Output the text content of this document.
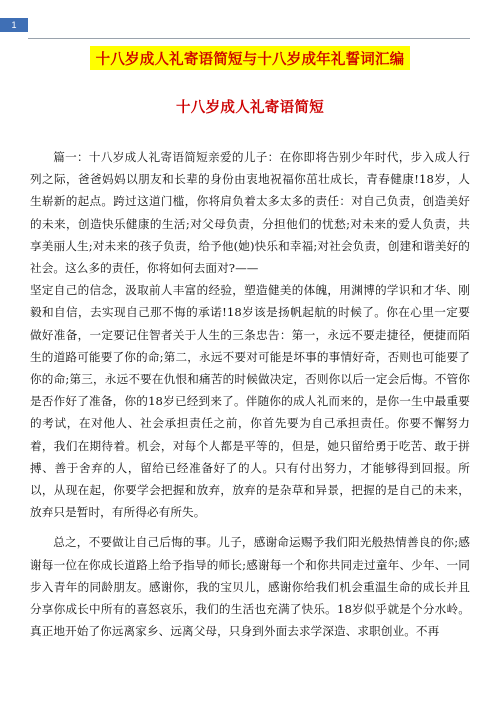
1
十八岁成人礼寄语简短与十八岁成年礼誓词汇编
十八岁成人礼寄语简短

篇一：十八岁成人礼寄语简短亲爱的儿子：在你即将告别少年时代，步入成人行列之际，爸爸妈妈以朋友和长辈的身份由衷地祝福你茁壮成长，青春健康!18岁，人生崭新的起点。跨过这道门槛，你将肩负着太多太多的责任：对自己负责，创造美好的未来，创造快乐健康的生活;对父母负责，分担他们的忧愁;对未来的爱人负责，共享美丽人生;对未来的孩子负责，给予他(她)快乐和幸福;对社会负责，创建和谐美好的社会。这么多的责任，你将如何去面对?——

坚定自己的信念，汲取前人丰富的经验，塑造健美的体魄，用渊博的学识和才华、刚毅和自信，去实现自己那不悔的承诺!18岁该是扬帆起航的时候了。你在心里一定要做好准备，一定要记住智者关于人生的三条忠告：第一，永远不要走捷径，便捷而陌生的道路可能要了你的命;第二，永远不要对可能是坏事的事情好奇，否则也可能要了你的命;第三，永远不要在仇恨和痛苦的时候做决定，否则你以后一定会后悔。不管你是否作好了准备，你的18岁已经到来了。伴随你的成人礼而来的，是你一生中最重要的考试，在对他人、社会承担责任之前，你首先要为自己承担责任。你要不懈努力着，我们在期待着。机会，对每个人都是平等的，但是，她只留给勇于吃苦、敢于拼搏、善于舍弃的人，留给已经准备好了的人。只有付出努力，才能够得到回报。所以，从现在起，你要学会把握和放弃，放弃的是杂草和异景，把握的是自己的未来，放弃只是暂时，有所得必有所失。

总之，不要做让自己后悔的事。儿子，感谢命运赐予我们阳光般热情善良的你;感谢每一位在你成长道路上给予指导的师长;感谢每一个和你共同走过童年、少年、一同步入青年的同龄朋友。感谢你，我的宝贝儿，感谢你给我们机会重温生命的成长并且分享你成长中所有的喜怒哀乐，我们的生活也充满了快乐。18岁似乎就是个分水岭。真正地开始了你远离家乡、远离父母，只身到外面去求学深造、求职创业。不再
